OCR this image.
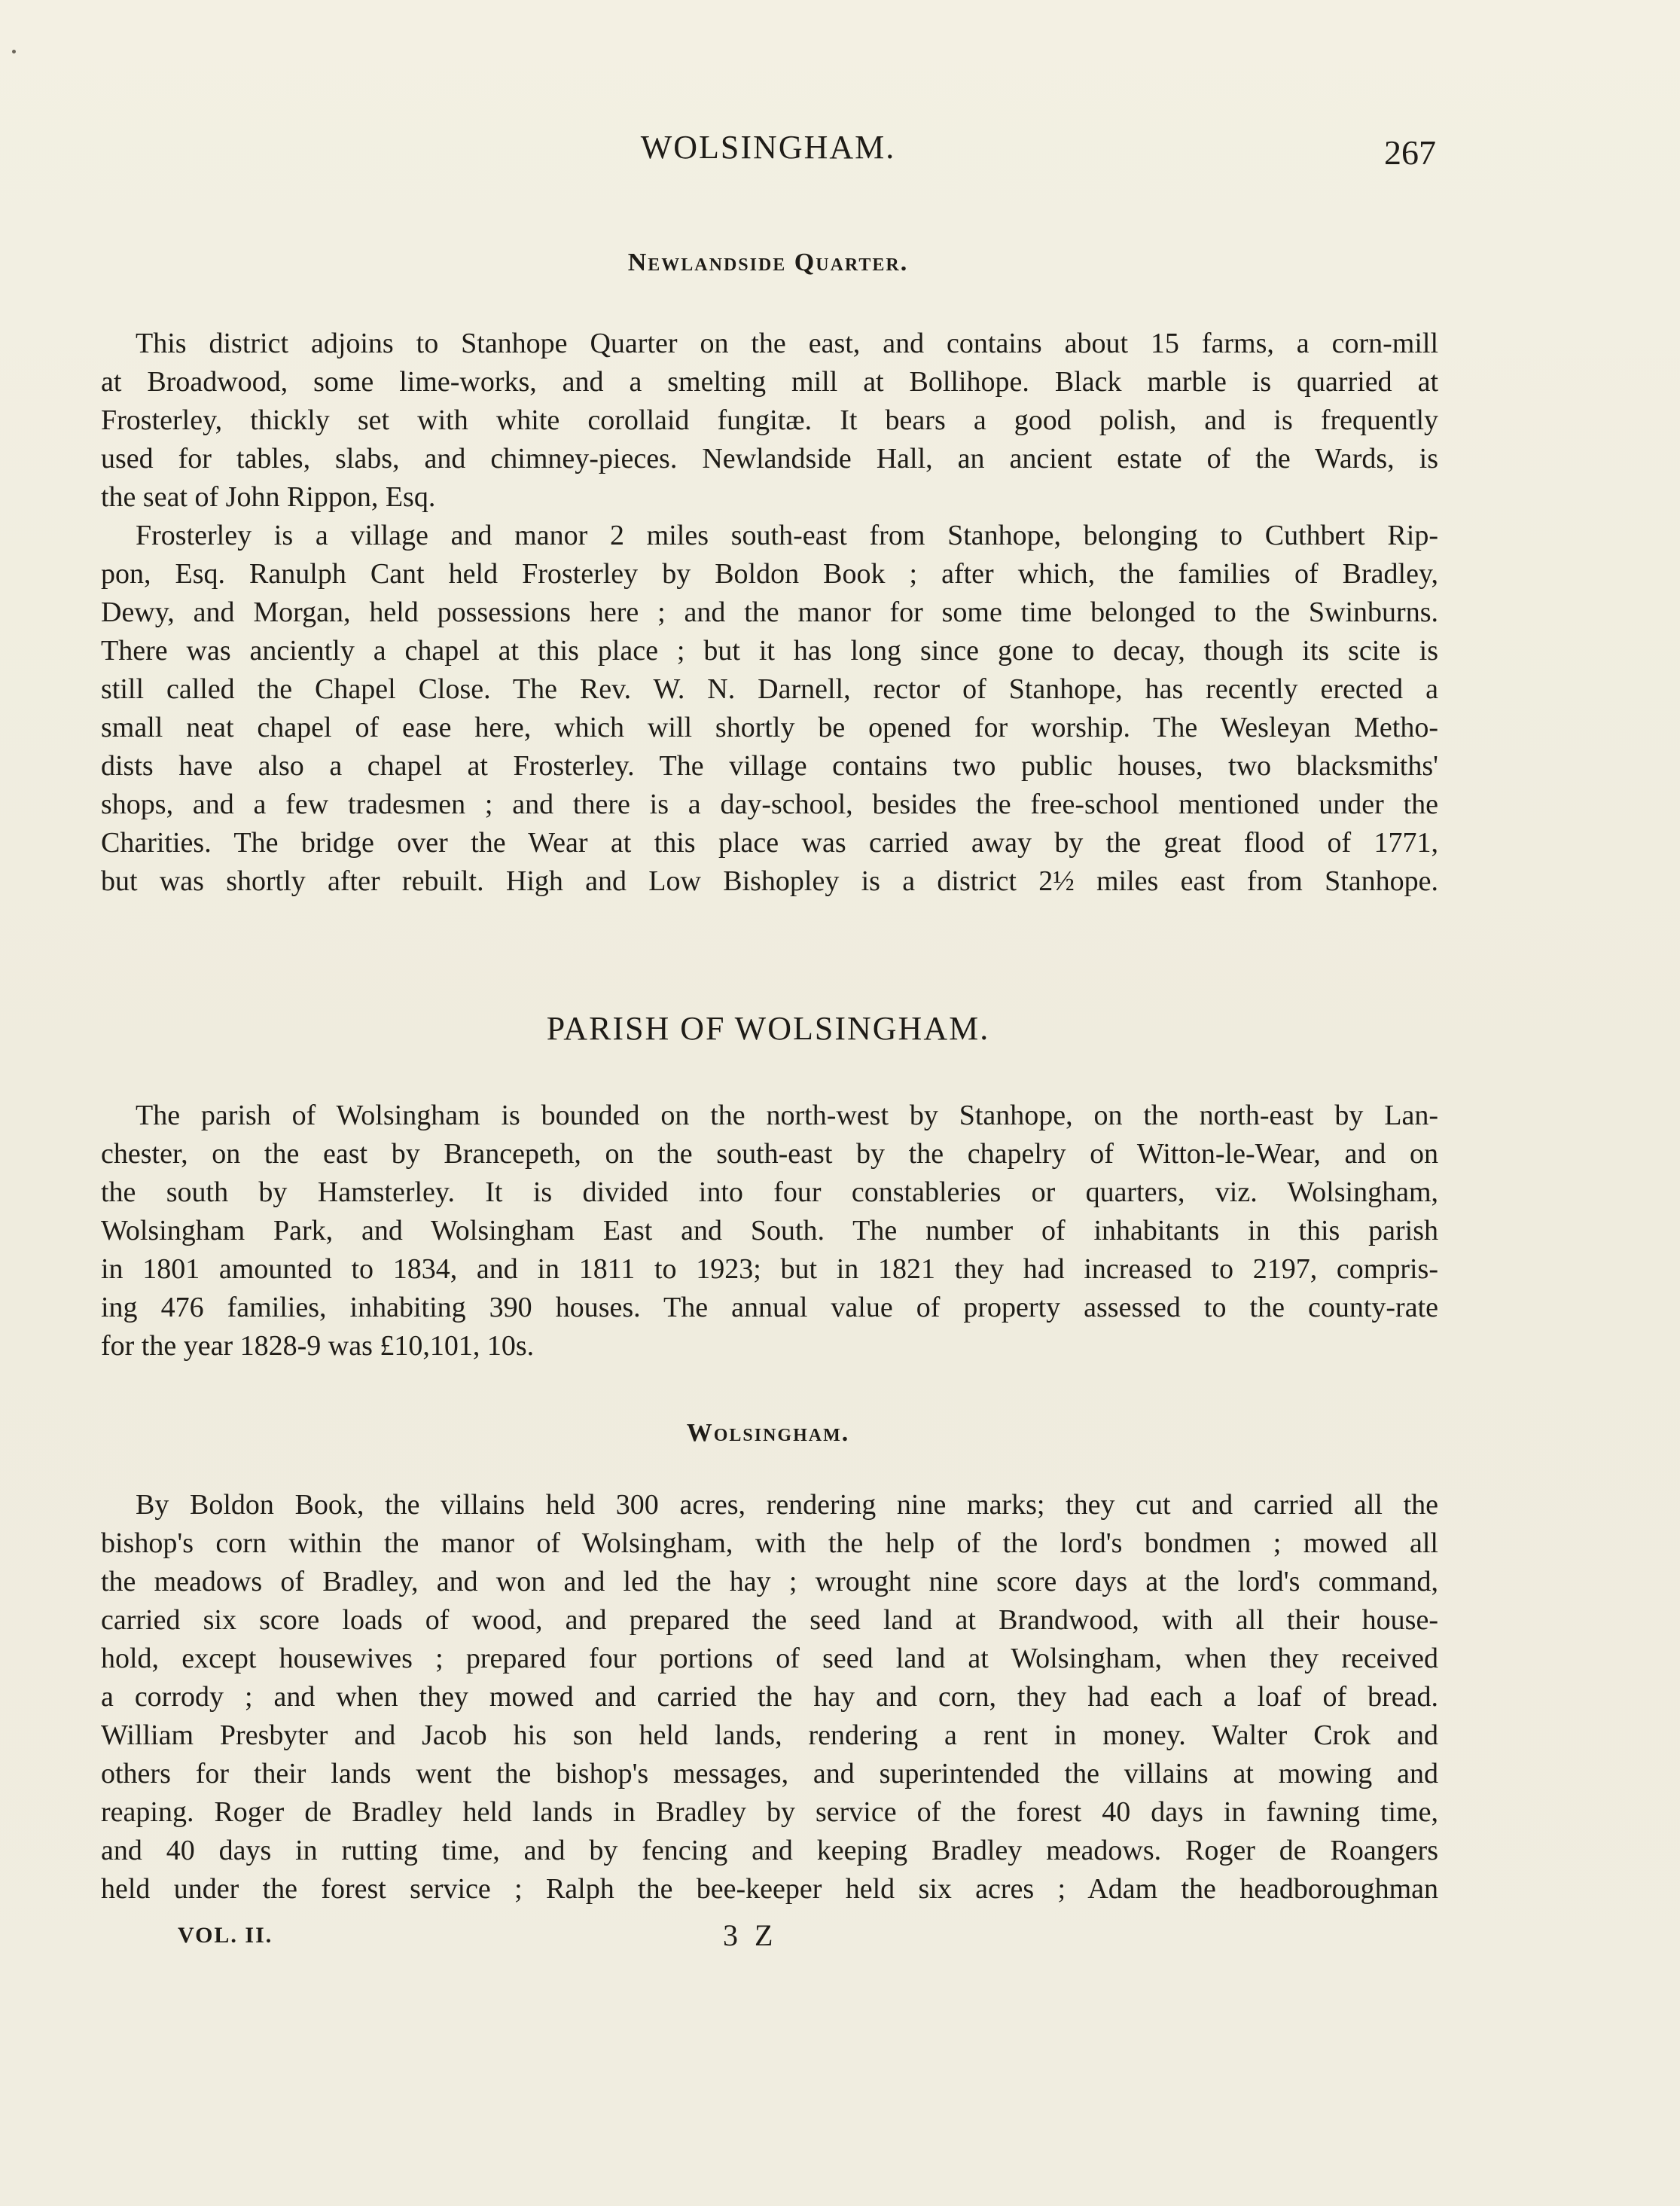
WOLSINGHAM.	267
Newlandside Quarter.
This district adjoins to Stanhope Quarter on the east, and contains about 15 farms, a corn-mill
at Broadwood, some lime-works, and a smelting mill at Bollihope. Black marble is quarried at
Frosterley, thickly set with white corollaid fungitæ. It bears a good polish, and is frequently
used for tables, slabs, and chimney-pieces. Newlandside Hall, an ancient estate of the Wards, is
the seat of John Rippon, Esq.
Frosterley is a village and manor 2 miles south-east from Stanhope, belonging to Cuthbert Rip-
pon, Esq. Ranulph Cant held Frosterley by Boldon Book ; after which, the families of Bradley,
Dewy, and Morgan, held possessions here ; and the manor for some time belonged to the Swinburns.
There was anciently a chapel at this place ; but it has long since gone to decay, though its scite is
still called the Chapel Close. The Rev. W. N. Darnell, rector of Stanhope, has recently erected a
small neat chapel of ease here, which will shortly be opened for worship. The Wesleyan Metho-
dists have also a chapel at Frosterley. The village contains two public houses, two blacksmiths'
shops, and a few tradesmen ; and there is a day-school, besides the free-school mentioned under the
Charities. The bridge over the Wear at this place was carried away by the great flood of 1771,
but was shortly after rebuilt. High and Low Bishopley is a district 2½ miles east from Stanhope.
PARISH OF WOLSINGHAM.
The parish of Wolsingham is bounded on the north-west by Stanhope, on the north-east by Lan-
chester, on the east by Brancepeth, on the south-east by the chapelry of Witton-le-Wear, and on
the south by Hamsterley. It is divided into four constableries or quarters, viz. Wolsingham,
Wolsingham Park, and Wolsingham East and South. The number of inhabitants in this parish
in 1801 amounted to 1834, and in 1811 to 1923; but in 1821 they had increased to 2197, compris-
ing 476 families, inhabiting 390 houses. The annual value of property assessed to the county-rate
for the year 1828-9 was £10,101, 10s.
Wolsingham.
By Boldon Book, the villains held 300 acres, rendering nine marks; they cut and carried all the
bishop's corn within the manor of Wolsingham, with the help of the lord's bondmen ; mowed all
the meadows of Bradley, and won and led the hay ; wrought nine score days at the lord's command,
carried six score loads of wood, and prepared the seed land at Brandwood, with all their house-
hold, except housewives ; prepared four portions of seed land at Wolsingham, when they received
a corrody ; and when they mowed and carried the hay and corn, they had each a loaf of bread.
William Presbyter and Jacob his son held lands, rendering a rent in money. Walter Crok and
others for their lands went the bishop's messages, and superintended the villains at mowing and
reaping. Roger de Bradley held lands in Bradley by service of the forest 40 days in fawning time,
and 40 days in rutting time, and by fencing and keeping Bradley meadows. Roger de Roangers
held under the forest service ; Ralph the bee-keeper held six acres ; Adam the headboroughman
VOL. II.	3 Z
